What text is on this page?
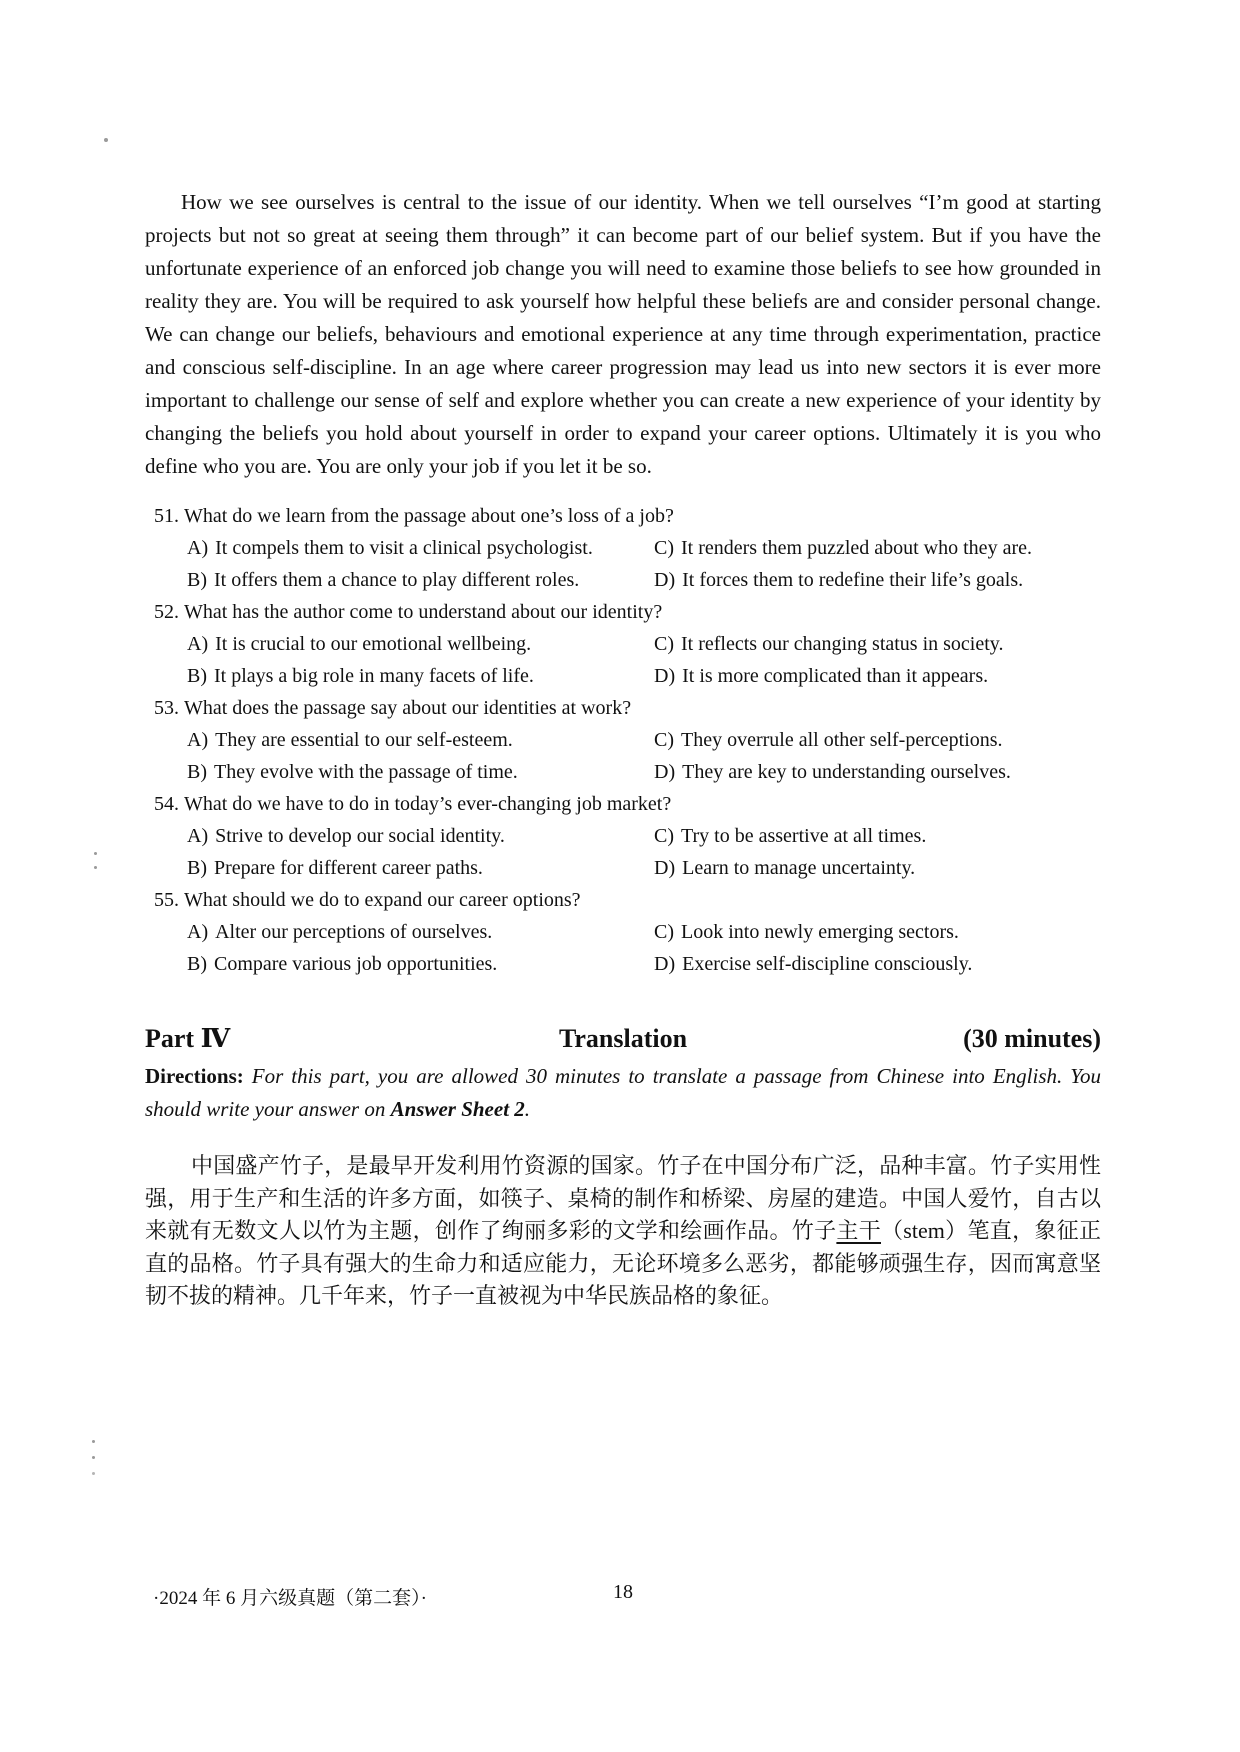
How we see ourselves is central to the issue of our identity. When we tell ourselves “I’m good at starting projects but not so great at seeing them through” it can become part of our belief system. But if you have the unfortunate experience of an enforced job change you will need to examine those beliefs to see how grounded in reality they are. You will be required to ask yourself how helpful these beliefs are and consider personal change. We can change our beliefs, behaviours and emotional experience at any time through experimentation, practice and conscious self-discipline. In an age where career progression may lead us into new sectors it is ever more important to challenge our sense of self and explore whether you can create a new experience of your identity by changing the beliefs you hold about yourself in order to expand your career options. Ultimately it is you who define who you are. You are only your job if you let it be so.
51. What do we learn from the passage about one’s loss of a job?
A) It compels them to visit a clinical psychologist.
B) It offers them a chance to play different roles.
C) It renders them puzzled about who they are.
D) It forces them to redefine their life’s goals.
52. What has the author come to understand about our identity?
A) It is crucial to our emotional wellbeing.
B) It plays a big role in many facets of life.
C) It reflects our changing status in society.
D) It is more complicated than it appears.
53. What does the passage say about our identities at work?
A) They are essential to our self-esteem.
B) They evolve with the passage of time.
C) They overrule all other self-perceptions.
D) They are key to understanding ourselves.
54. What do we have to do in today’s ever-changing job market?
A) Strive to develop our social identity.
B) Prepare for different career paths.
C) Try to be assertive at all times.
D) Learn to manage uncertainty.
55. What should we do to expand our career options?
A) Alter our perceptions of ourselves.
B) Compare various job opportunities.
C) Look into newly emerging sectors.
D) Exercise self-discipline consciously.
Part Ⅳ	Translation	(30 minutes)
Directions: For this part, you are allowed 30 minutes to translate a passage from Chinese into English. You should write your answer on Answer Sheet 2.
中国盛产竹子，是最早开发利用竹资源的国家。竹子在中国分布广泛，品种丰富。竹子实用性强，用于生产和生活的许多方面，如筷子、桌椅的制作和桥梁、房屋的建造。中国人爱竹，自古以来就有无数文人以竹为主题，创作了绚丽多彩的文学和绘画作品。竹子主干（stem）笔直，象征正直的品格。竹子具有强大的生命力和适应能力，无论环境多么恶劣，都能够顽强生存，因而寓意坚韧不拔的精神。几千年来，竹子一直被视为中华民族品格的象征。
·2024 年 6 月六级真题（第二套）·	18
